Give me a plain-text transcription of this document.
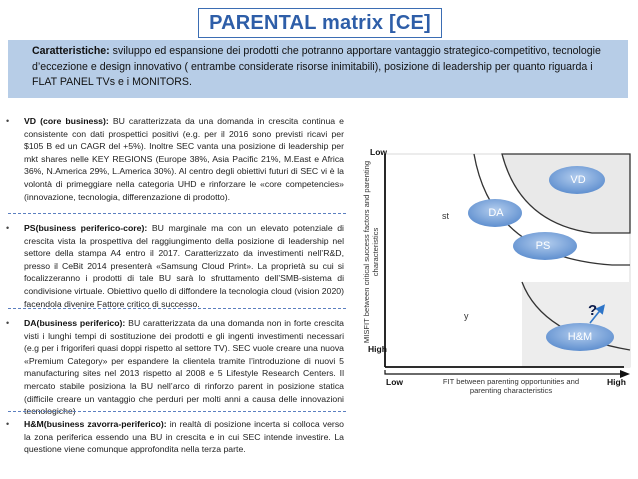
PARENTAL matrix [CE]
Caratteristiche: sviluppo ed espansione dei prodotti che potranno apportare vantaggio strategico-competitivo, tecnologie d’eccezione e design innovativo ( entrambe considerate risorse inimitabili), posizione di leadership per quanto riguarda i FLAT PANEL TVs e i MONITORS.
•	VD (core business): BU caratterizzata da una domanda in crescita continua e consistente con dati prospettici positivi (e.g. per il 2016 sono previsti ricavi per $105 B ed un CAGR del +5%). Inoltre SEC vanta una posizione di leadership per mkt shares nelle KEY REGIONS (Europe 38%, Asia Pacific 21%, M.East e Africa 36%, N.America 29%, L.America 30%). Al centro degli obiettivi futuri di SEC vi è la volontà di primeggiare nella categoria UHD e rinforzare le «core competencies» (innovazione, tecnologia, differenzazione di prodotto).
•	PS(business periferico-core): BU marginale ma con un elevato potenziale di crescita vista la prospettiva del raggiungimento della posizione di leadership nel settore della stampa A4 entro il 2017. Caratterizzato da investimenti nell’R&D, presso il CeBit 2014 presenterà «Samsung Cloud Print». La proprietà su cui si focalizzeranno i prodotti di tale BU sarà lo sfruttamento dell’SMB-sistema di condivisione virtuale. Obiettivo quello di diffondere la tecnologia cloud (vision 2020) facendola divenire Fattore critico di successo.
•	DA(business periferico): BU caratterizzata da una domanda non in forte crescita visti i lunghi tempi di sostituzione dei prodotti e gli ingenti investimenti necessari (e.g per i frigoriferi quasi doppi rispetto al settore TV). SEC vuole creare una nuova «Premium Category» per espandere la clientela tramite l’introduzione di nuovi 5 manufacturing sites nel 2013 rispetto al 2008 e 5 Lifestyle Research Centers. Il mercato stabile posiziona la BU nell’arco di rinforzo parent in posizione statica (difficile creare un vantaggio che perduri per molti anni a causa delle innovazioni tecnologiche)
•	H&M(business zavorra-periferico): in realtà di posizione incerta si colloca verso la zona periferica essendo una BU in crescita e in cui SEC intende investire. La questione viene comunque approfondita nella terza parte.
VD
DA
PS
H&M
st
y	?
Low
High
Low	High
MISFIT between critical success factors and parenting characteristics
FIT between parenting opportunities and parenting characteristics
